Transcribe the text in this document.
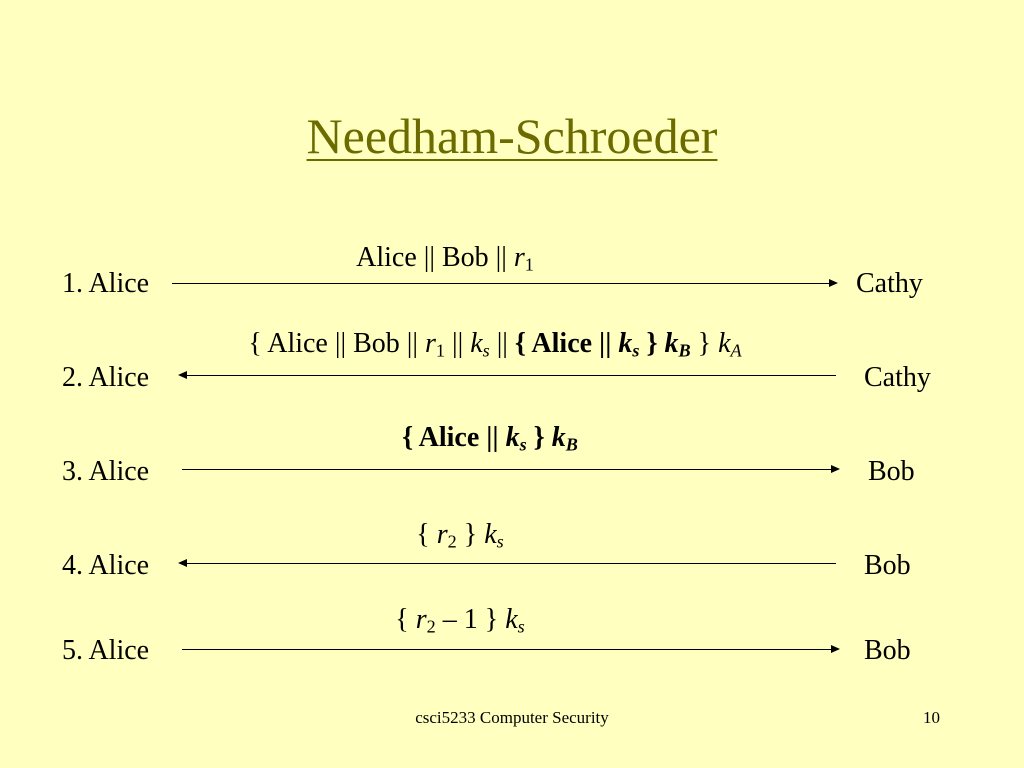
Needham-Schroeder
Alice || Bob || $r_1$
1. Alice	Cathy
{ Alice || Bob || $r_1$ || $k_s$ || { Alice || $k_s$ } $k_B$ } $k_A$
2. Alice	Cathy
{ Alice || $k_s$ } $k_B$
3. Alice	Bob
{ $r_2$ } $k_s$
4. Alice	Bob
{ $r_2 - 1$ } $k_s$
5. Alice	Bob
csci5233 Computer Security	10
